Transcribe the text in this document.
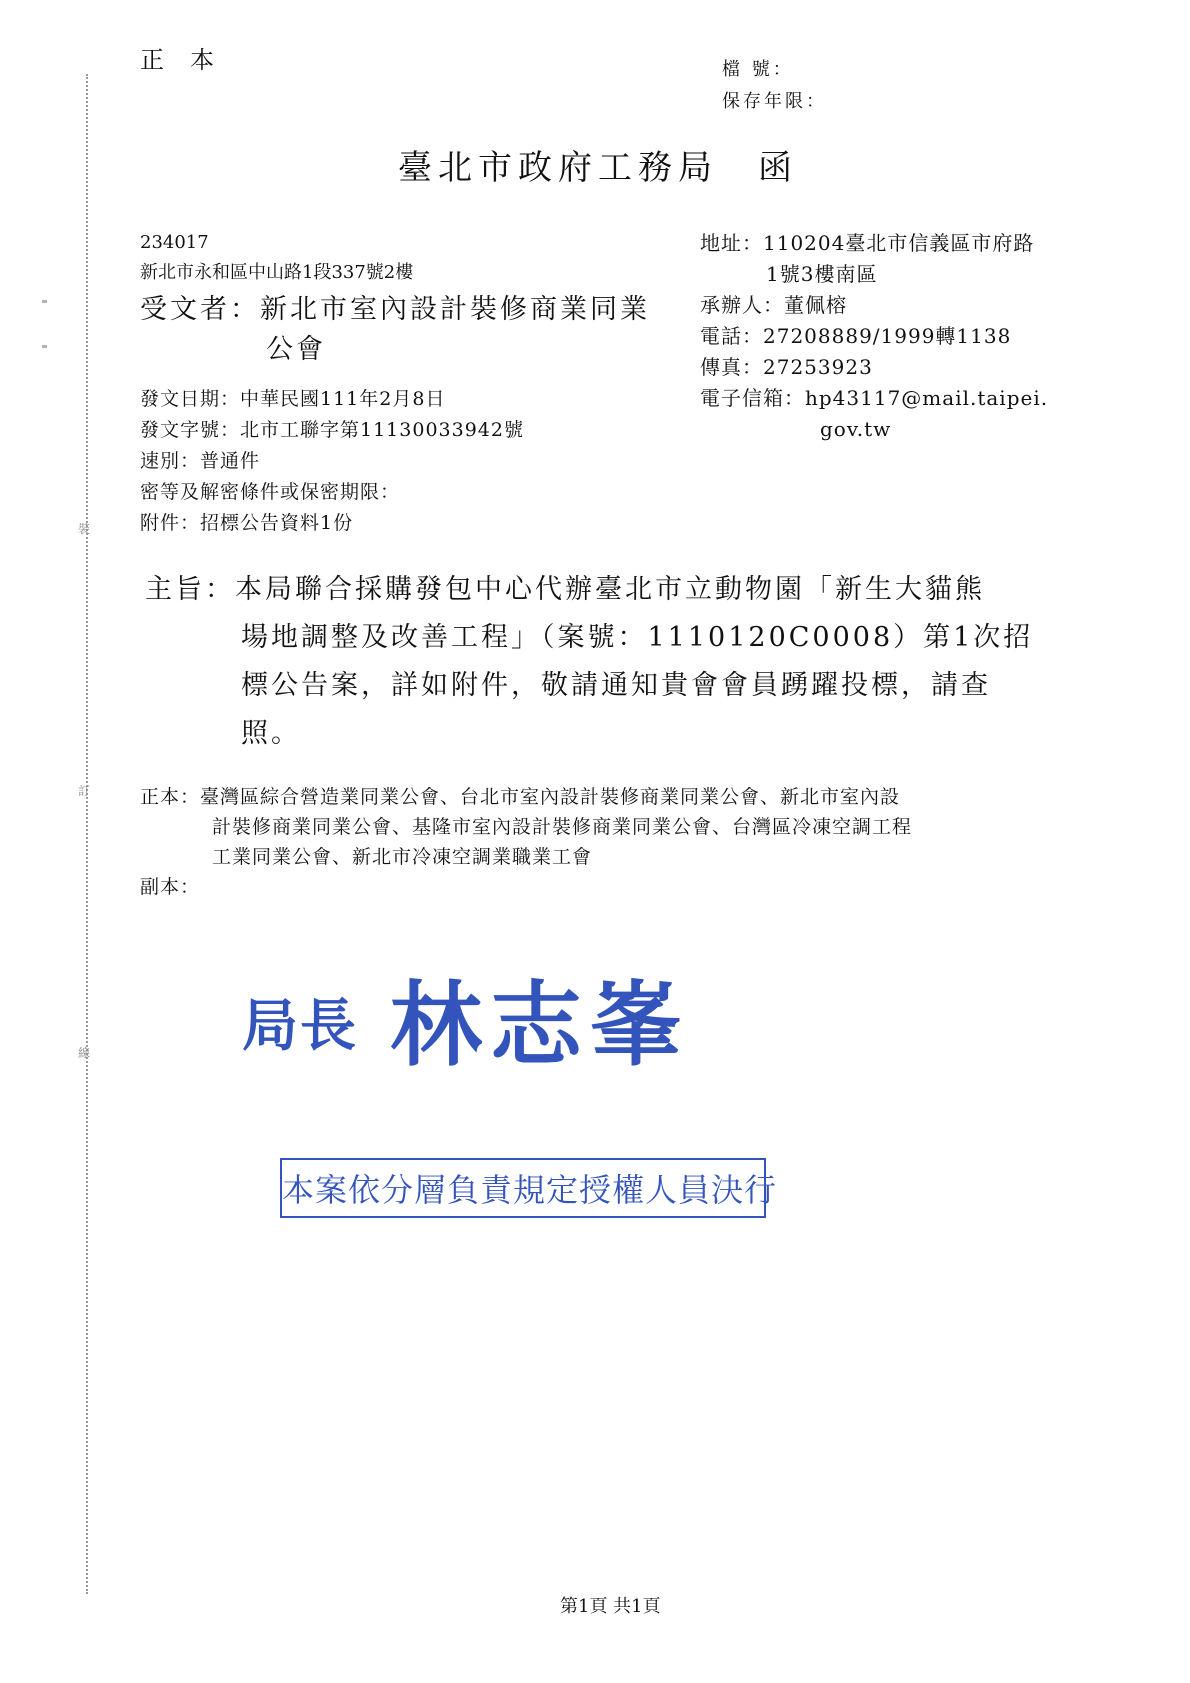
裝
訂
線
正本	檔 號：
保存年限：
臺北市政府工務局　函
234017
新北市永和區中山路1段337號2樓
受文者：新北市室內設計裝修商業同業
公會
地址：110204臺北市信義區市府路
1號3樓南區
承辦人：董佩榕
電話：27208889/1999轉1138
傳真：27253923
電子信箱：hp43117@mail.taipei.
gov.tw
發文日期：中華民國111年2月8日
發文字號：北市工聯字第11130033942號
速別：普通件
密等及解密條件或保密期限：
附件：招標公告資料1份
主旨：本局聯合採購發包中心代辦臺北市立動物園「新生大貓熊
場地調整及改善工程」（案號：1110120C0008）第1次招
標公告案，詳如附件，敬請通知貴會會員踴躍投標，請查
照。
正本：臺灣區綜合營造業同業公會、台北市室內設計裝修商業同業公會、新北市室內設
計裝修商業同業公會、基隆市室內設計裝修商業同業公會、台灣區冷凍空調工程
工業同業公會、新北市冷凍空調業職業工會
副本：
局長 林志峯
本案依分層負責規定授權人員決行
第1頁 共1頁
